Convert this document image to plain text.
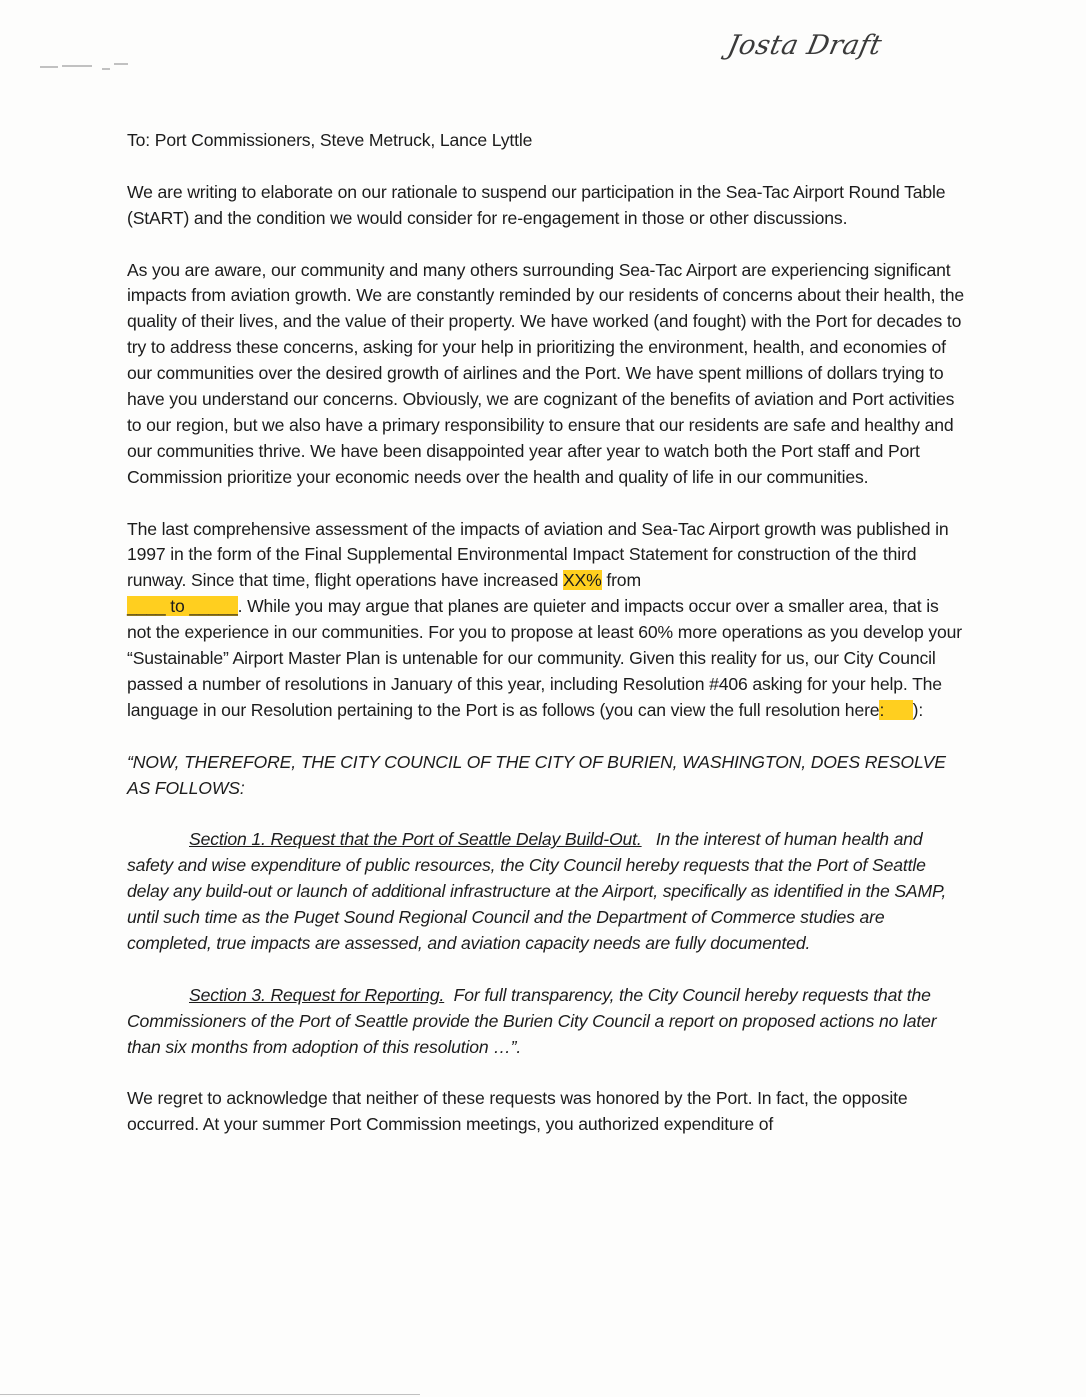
Josta Draft

To: Port Commissioners, Steve Metruck, Lance Lyttle

We are writing to elaborate on our rationale to suspend our participation in the Sea-Tac Airport Round Table (StART) and the condition we would consider for re-engagement in those or other discussions.

As you are aware, our community and many others surrounding Sea-Tac Airport are experiencing significant impacts from aviation growth. We are constantly reminded by our residents of concerns about their health, the quality of their lives, and the value of their property. We have worked (and fought) with the Port for decades to try to address these concerns, asking for your help in prioritizing the environment, health, and economies of our communities over the desired growth of airlines and the Port. We have spent millions of dollars trying to have you understand our concerns. Obviously, we are cognizant of the benefits of aviation and Port activities to our region, but we also have a primary responsibility to ensure that our residents are safe and healthy and our communities thrive. We have been disappointed year after year to watch both the Port staff and Port Commission prioritize your economic needs over the health and quality of life in our communities.

The last comprehensive assessment of the impacts of aviation and Sea-Tac Airport growth was published in 1997 in the form of the Final Supplemental Environmental Impact Statement for construction of the third runway. Since that time, flight operations have increased XX% from
____ to _____. While you may argue that planes are quieter and impacts occur over a smaller area, that is not the experience in our communities. For you to propose at least 60% more operations as you develop your “Sustainable” Airport Master Plan is untenable for our community. Given this reality for us, our City Council passed a number of resolutions in January of this year, including Resolution #406 asking for your help. The language in our Resolution pertaining to the Port is as follows (you can view the full resolution here:      ):

“NOW, THEREFORE, THE CITY COUNCIL OF THE CITY OF BURIEN, WASHINGTON, DOES RESOLVE AS FOLLOWS:

Section 1. Request that the Port of Seattle Delay Build-Out.   In the interest of human health and safety and wise expenditure of public resources, the City Council hereby requests that the Port of Seattle delay any build-out or launch of additional infrastructure at the Airport, specifically as identified in the SAMP, until such time as the Puget Sound Regional Council and the Department of Commerce studies are completed, true impacts are assessed, and aviation capacity needs are fully documented.

Section 3. Request for Reporting.  For full transparency, the City Council hereby requests that the Commissioners of the Port of Seattle provide the Burien City Council a report on proposed actions no later than six months from adoption of this resolution …”.

We regret to acknowledge that neither of these requests was honored by the Port. In fact, the opposite occurred. At your summer Port Commission meetings, you authorized expenditure of
